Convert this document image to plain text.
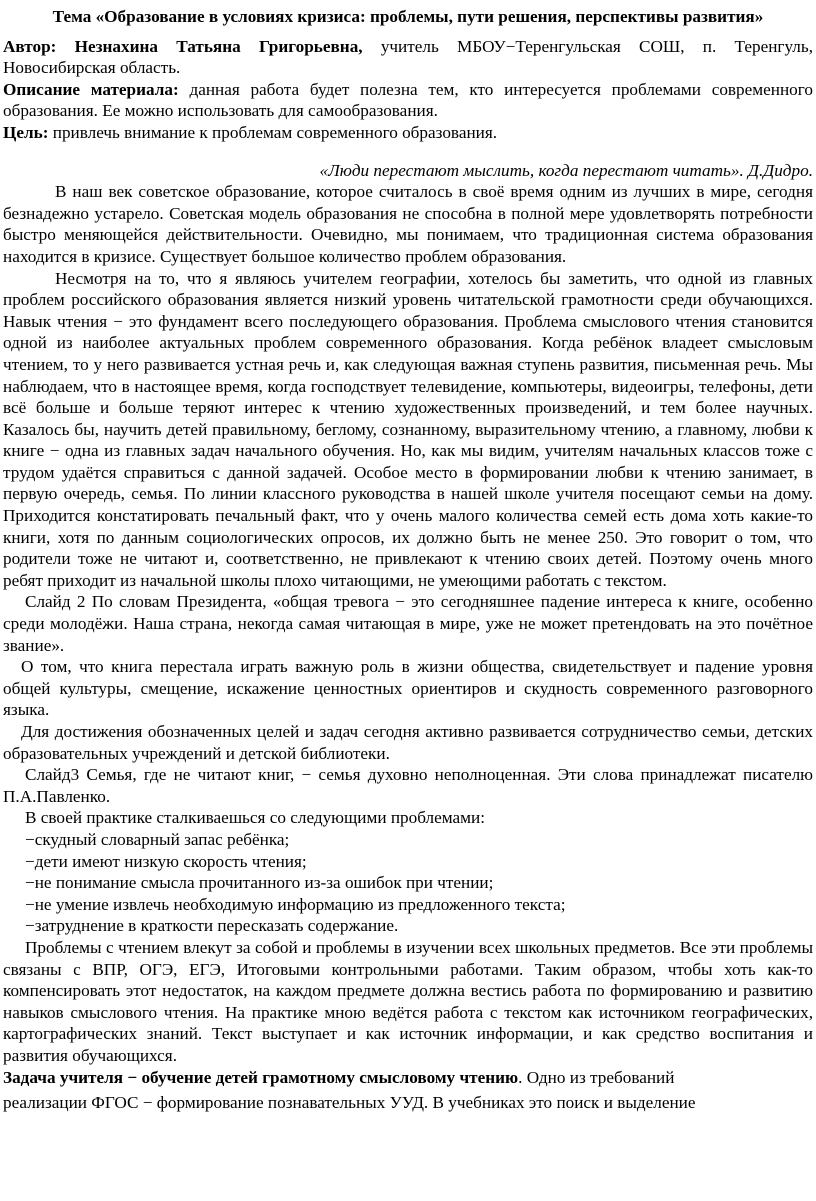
Тема «Образование в условиях кризиса: проблемы, пути решения, перспективы развития»

Автор: Незнахина Татьяна Григорьевна, учитель МБОУ−Теренгульская СОШ, п. Теренгуль, Новосибирская область.

Описание материала: данная работа будет полезна тем, кто интересуется проблемами современного образования. Ее можно использовать для самообразования.

Цель: привлечь внимание к проблемам современного образования.

«Люди перестают мыслить, когда перестают читать». Д.Дидро.

В наш век советское образование, которое считалось в своё время одним из лучших в мире, сегодня безнадежно устарело. Советская модель образования не способна в полной мере удовлетворять потребности быстро меняющейся действительности. Очевидно, мы понимаем, что традиционная система образования находится в кризисе. Существует большое количество проблем образования.

Несмотря на то, что я являюсь учителем географии, хотелось бы заметить, что одной из главных проблем российского образования является низкий уровень читательской грамотности среди обучающихся. Навык чтения − это фундамент всего последующего образования. Проблема смыслового чтения становится одной из наиболее актуальных проблем современного образования. Когда ребёнок владеет смысловым чтением, то у него развивается устная речь и, как следующая важная ступень развития, письменная речь. Мы наблюдаем, что в настоящее время, когда господствует телевидение, компьютеры, видеоигры, телефоны, дети всё больше и больше теряют интерес к чтению художественных произведений, и тем более научных. Казалось бы, научить детей правильному, беглому, сознанному, выразительному чтению, а главному, любви к книге − одна из главных задач начального обучения. Но, как мы видим, учителям начальных классов тоже с трудом удаётся справиться с данной задачей. Особое место в формировании любви к чтению занимает, в первую очередь, семья. По линии классного руководства в нашей школе учителя посещают семьи на дому. Приходится констатировать печальный факт, что у очень малого количества семей есть дома хоть какие-то книги, хотя по данным социологических опросов, их должно быть не менее 250. Это говорит о том, что родители тоже не читают и, соответственно, не привлекают к чтению своих детей. Поэтому очень много ребят приходит из начальной школы плохо читающими, не умеющими работать с текстом.

Слайд 2 По словам Президента, «общая тревога − это сегодняшнее падение интереса к книге, особенно среди молодёжи. Наша страна, некогда самая читающая в мире, уже не может претендовать на это почётное звание».

О том, что книга перестала играть важную роль в жизни общества, свидетельствует и падение уровня общей культуры, смещение, искажение ценностных ориентиров и скудность современного разговорного языка.

Для достижения обозначенных целей и задач сегодня активно развивается сотрудничество семьи, детских образовательных учреждений и детской библиотеки.

Слайд3 Семья, где не читают книг, − семья духовно неполноценная. Эти слова принадлежат писателю П.А.Павленко.

В своей практике сталкиваешься со следующими проблемами:

−скудный словарный запас ребёнка;

−дети имеют низкую скорость чтения;

−не понимание смысла прочитанного из-за ошибок при чтении;

−не умение извлечь необходимую информацию из предложенного текста;

−затруднение в краткости пересказать содержание.

Проблемы с чтением влекут за собой и проблемы в изучении всех школьных предметов. Все эти проблемы связаны с ВПР, ОГЭ, ЕГЭ, Итоговыми контрольными работами. Таким образом, чтобы хоть как-то компенсировать этот недостаток, на каждом предмете должна вестись работа по формированию и развитию навыков смыслового чтения. На практике мною ведётся работа с текстом как источником географических, картографических знаний. Текст выступает и как источник информации, и как средство воспитания и развития обучающихся.

Задача учителя − обучение детей грамотному смысловому чтению. Одно из требований

реализации ФГОС − формирование познавательных УУД. В учебниках это поиск и выделение
